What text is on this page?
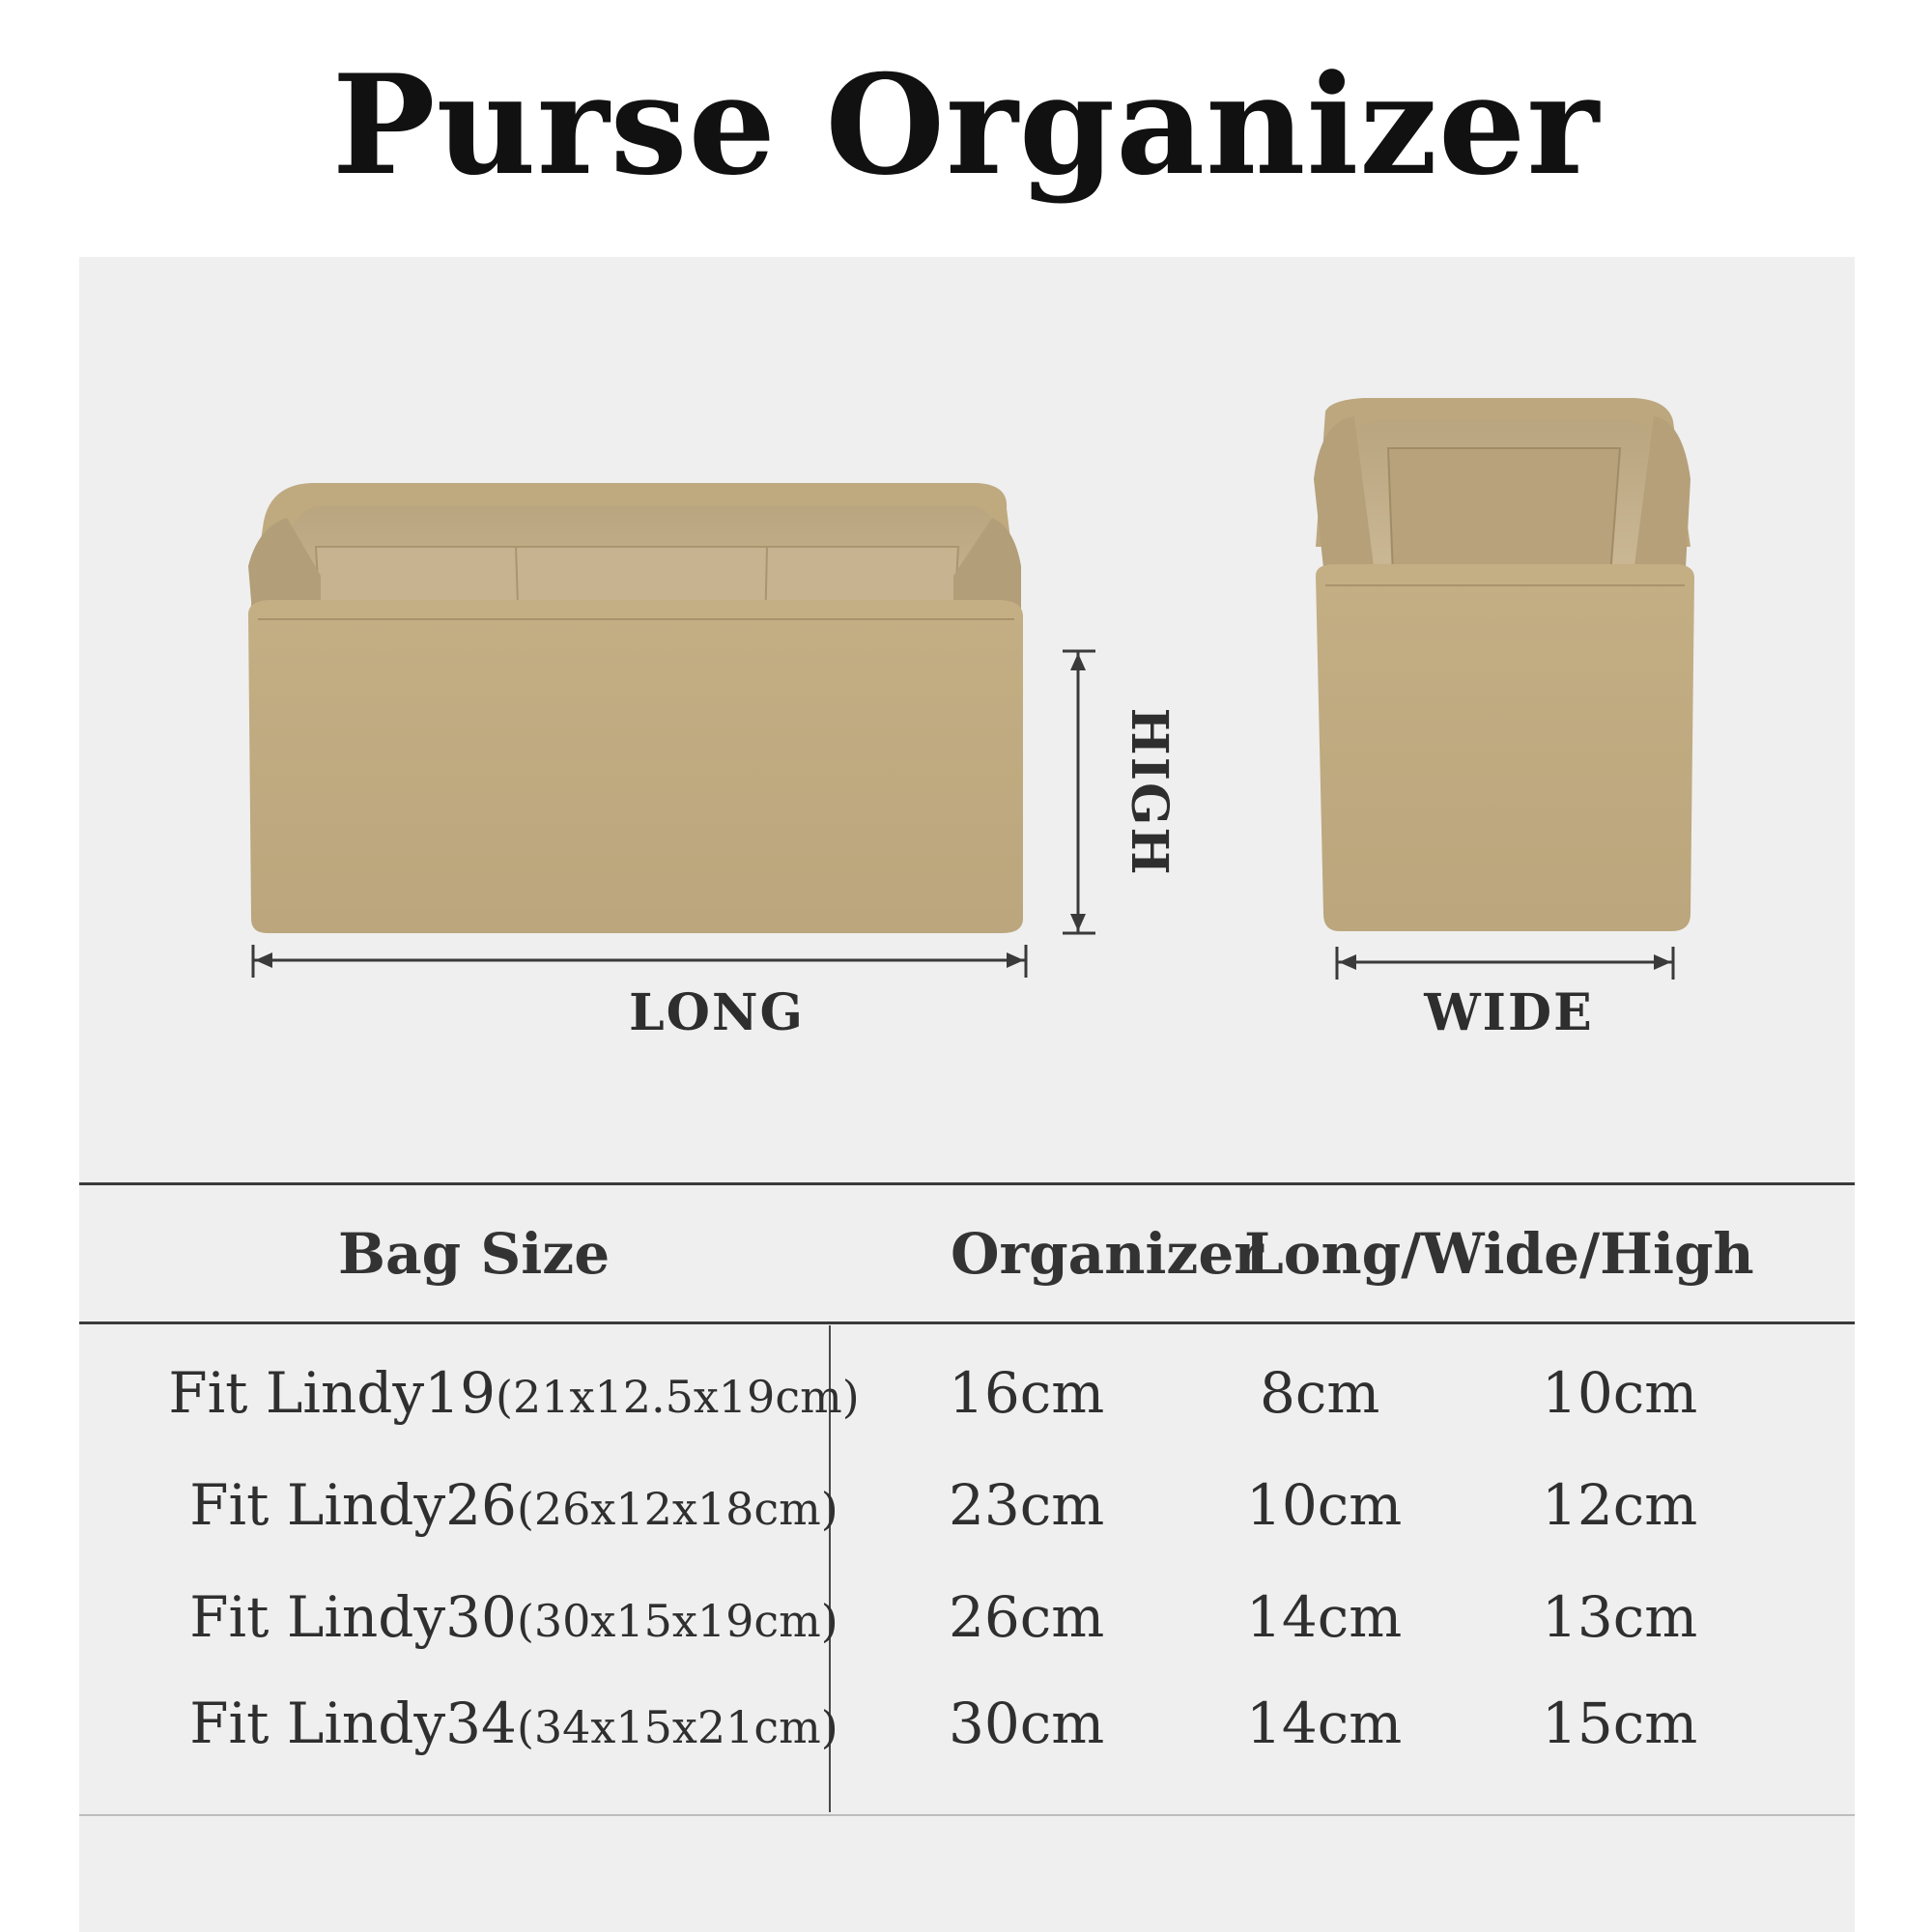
Purse Organizer
HIGH
LONG	WIDE
Bag Size	Organizer
Long/Wide/High
Fit Lindy19(21x12.5x19cm)	16cm	8cm	10cm
Fit Lindy26(26x12x18cm)	23cm	10cm 12cm
Fit Lindy30(30x15x19cm)	26cm	14cm 13cm
Fit Lindy34(34x15x21cm)	30cm	14cm 15cm
